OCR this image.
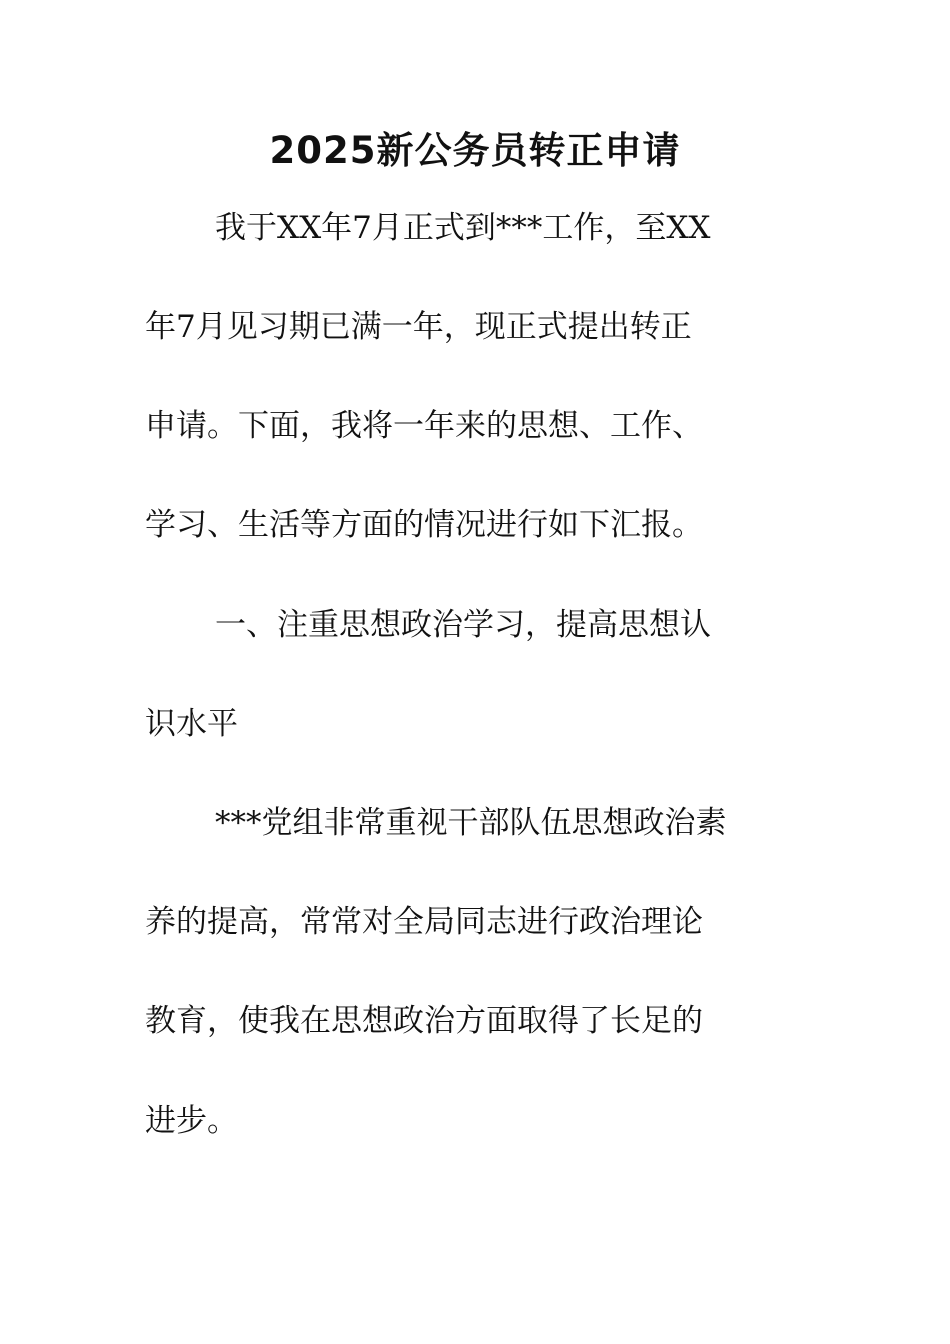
2025新公务员转正申请

我于XX年7月正式到***工作，至XX

年7月见习期已满一年，现正式提出转正

申请。下面，我将一年来的思想、工作、

学习、生活等方面的情况进行如下汇报。

一、注重思想政治学习，提高思想认

识水平

***党组非常重视干部队伍思想政治素

养的提高，常常对全局同志进行政治理论

教育，使我在思想政治方面取得了长足的

进步。
